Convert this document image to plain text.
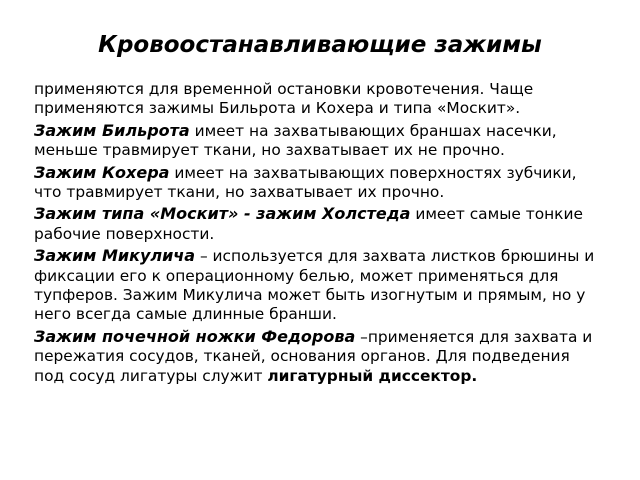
Кровоостанавливающие зажимы

применяются для временной остановки кровотечения. Чаще применяются зажимы Бильрота и Кохера и типа «Москит».

Зажим Бильрота имеет на захватывающих браншах насечки, меньше травмирует ткани, но захватывает их не прочно.

Зажим Кохера имеет на захватывающих поверхностях зубчики, что травмирует ткани, но захватывает их прочно.

Зажим типа «Москит» - зажим Холстеда имеет самые тонкие рабочие поверхности.

Зажим Микулича – используется для захвата листков брюшины и фиксации его к операционному белью, может применяться для тупферов. Зажим Микулича может быть изогнутым и прямым, но у него всегда самые длинные бранши.

Зажим почечной ножки Федорова –применяется для захвата и пережатия сосудов, тканей, основания органов. Для подведения под сосуд лигатуры служит лигатурный диссектор.
